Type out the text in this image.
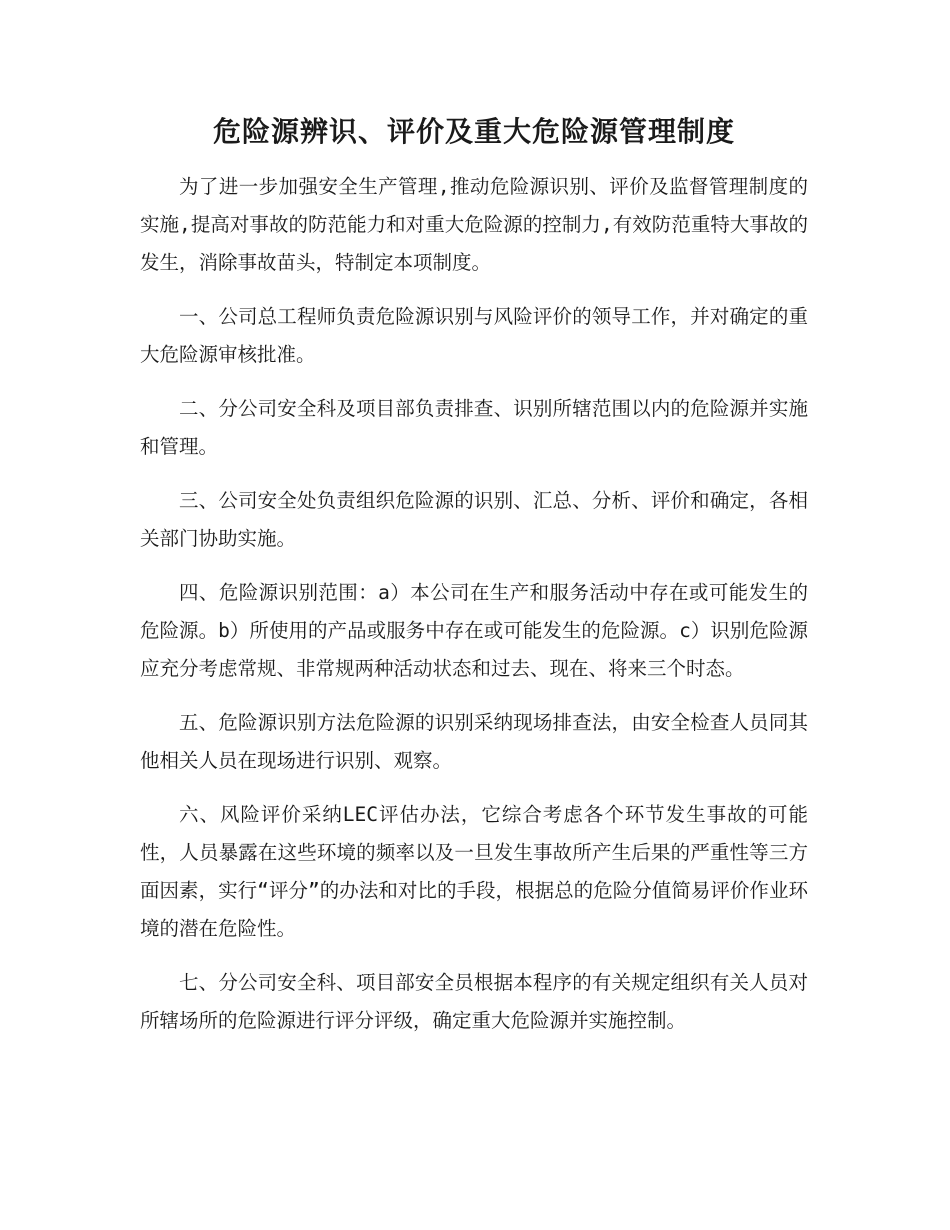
危险源辨识、评价及重大危险源管理制度

为了进一步加强安全生产管理,推动危险源识别、评价及监督管理制度的实施,提高对事故的防范能力和对重大危险源的控制力,有效防范重特大事故的发生，消除事故苗头，特制定本项制度。

一、公司总工程师负责危险源识别与风险评价的领导工作，并对确定的重大危险源审核批准。

二、分公司安全科及项目部负责排查、识别所辖范围以内的危险源并实施和管理。

三、公司安全处负责组织危险源的识别、汇总、分析、评价和确定，各相关部门协助实施。

四、危险源识别范围：a）本公司在生产和服务活动中存在或可能发生的危险源。b）所使用的产品或服务中存在或可能发生的危险源。c）识别危险源应充分考虑常规、非常规两种活动状态和过去、现在、将来三个时态。

五、危险源识别方法危险源的识别采纳现场排查法，由安全检查人员同其他相关人员在现场进行识别、观察。

六、风险评价采纳LEC评估办法，它综合考虑各个环节发生事故的可能性，人员暴露在这些环境的频率以及一旦发生事故所产生后果的严重性等三方面因素，实行“评分”的办法和对比的手段，根据总的危险分值简易评价作业环境的潜在危险性。

七、分公司安全科、项目部安全员根据本程序的有关规定组织有关人员对所辖场所的危险源进行评分评级，确定重大危险源并实施控制。
